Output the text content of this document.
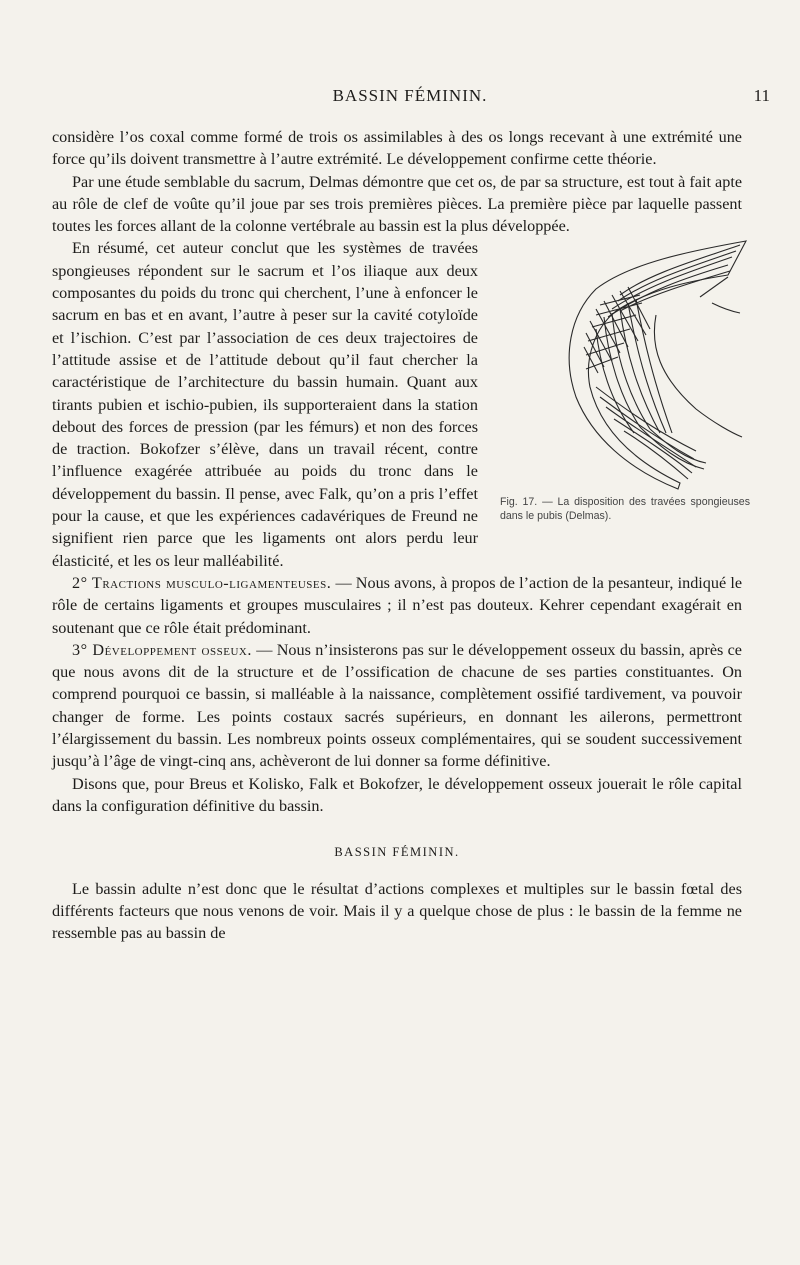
BASSIN FÉMININ.	11

considère l’os coxal comme formé de trois os assimilables à des os longs recevant à une extrémité une force qu’ils doivent transmettre à l’autre extrémité. Le développement confirme cette théorie.

Par une étude semblable du sacrum, Delmas démontre que cet os, de par sa structure, est tout à fait apte au rôle de clef de voûte qu’il joue par ses trois premières pièces. La première pièce par laquelle passent toutes les forces allant de la colonne vertébrale au bassin est la plus développée.

Fig. 17. — La disposition des travées spongieuses dans le pubis (Delmas).

En résumé, cet auteur conclut que les systèmes de travées spongieuses répondent sur le sacrum et l’os iliaque aux deux composantes du poids du tronc qui cherchent, l’une à enfoncer le sacrum en bas et en avant, l’autre à peser sur la cavité cotyloïde et l’ischion. C’est par l’association de ces deux trajectoires de l’attitude assise et de l’attitude debout qu’il faut chercher la caractéristique de l’architecture du bassin humain. Quant aux tirants pubien et ischio-pubien, ils supporteraient dans la station debout des forces de pression (par les fémurs) et non des forces de traction. Bokofzer s’élève, dans un travail récent, contre l’influence exagérée attribuée au poids du tronc dans le développement du bassin. Il pense, avec Falk, qu’on a pris l’effet pour la cause, et que les expériences cadavériques de Freund ne signifient rien parce que les ligaments ont alors perdu leur élasticité, et les os leur malléabilité.

2° Tractions musculo-ligamenteuses. — Nous avons, à propos de l’action de la pesanteur, indiqué le rôle de certains ligaments et groupes musculaires ; il n’est pas douteux. Kehrer cependant exagérait en soutenant que ce rôle était prédominant.

3° Développement osseux. — Nous n’insisterons pas sur le développement osseux du bassin, après ce que nous avons dit de la structure et de l’ossification de chacune de ses parties constituantes. On comprend pourquoi ce bassin, si malléable à la naissance, complètement ossifié tardivement, va pouvoir changer de forme. Les points costaux sacrés supérieurs, en donnant les ailerons, permettront l’élargissement du bassin. Les nombreux points osseux complémentaires, qui se soudent successivement jusqu’à l’âge de vingt-cinq ans, achèveront de lui donner sa forme définitive.

Disons que, pour Breus et Kolisko, Falk et Bokofzer, le développement osseux jouerait le rôle capital dans la configuration définitive du bassin.

BASSIN FÉMININ.

Le bassin adulte n’est donc que le résultat d’actions complexes et multiples sur le bassin fœtal des différents facteurs que nous venons de voir. Mais il y a quelque chose de plus : le bassin de la femme ne ressemble pas au bassin de
